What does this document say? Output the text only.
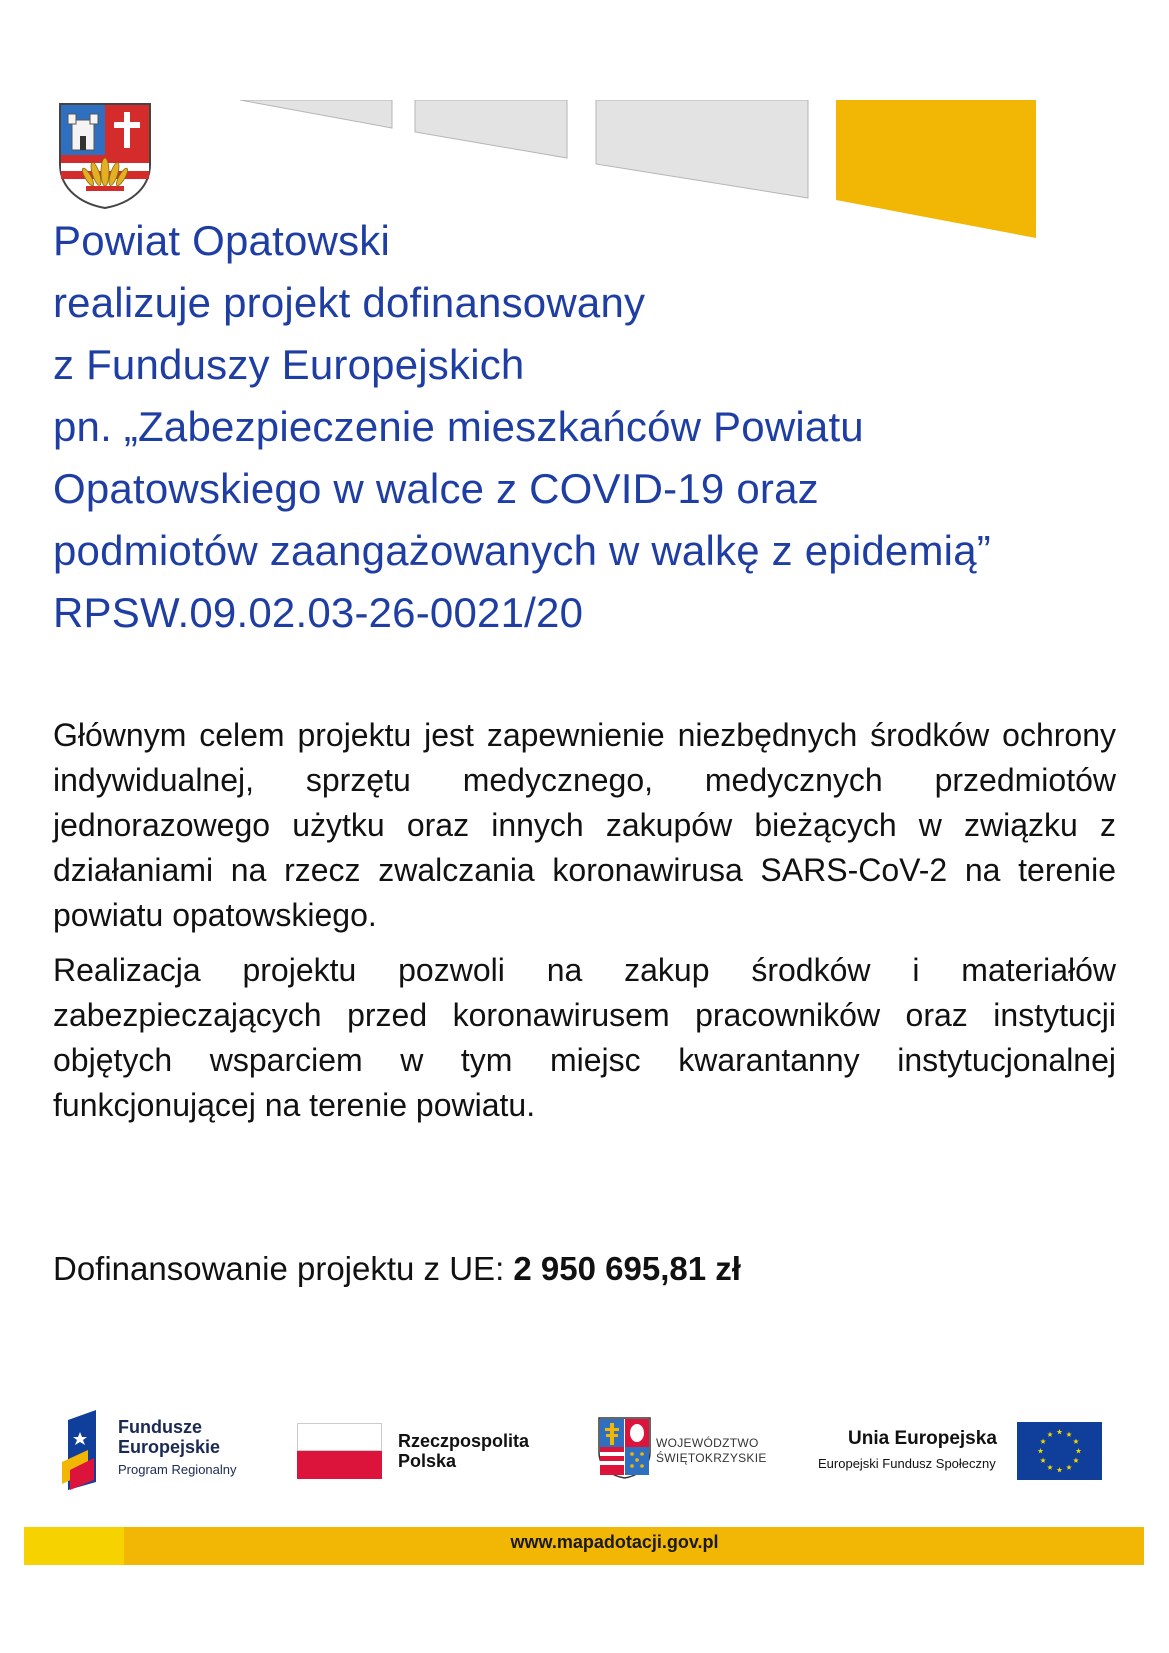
Powiat Opatowski
realizuje projekt dofinansowany
z Funduszy Europejskich
pn. „Zabezpieczenie mieszkańców Powiatu
Opatowskiego w walce z COVID-19 oraz
podmiotów zaangażowanych w walkę z epidemią”
RPSW.09.02.03-26-0021/20

Głównym celem projektu jest zapewnienie niezbędnych środków ochrony indywidualnej, sprzętu medycznego, medycznych przedmiotów jednorazowego użytku oraz innych zakupów bieżących w związku z działaniami na rzecz zwalczania koronawirusa SARS-CoV-2 na terenie powiatu opatowskiego.

Realizacja projektu pozwoli na zakup środków i materiałów zabezpieczających przed koronawirusem pracowników oraz instytucji objętych wsparciem w tym miejsc kwarantanny instytucjonalnej funkcjonującej na terenie powiatu.

Dofinansowanie projektu z UE: 2 950 695,81 zł
Fundusze
Europejskie
Program Regionalny
Rzeczpospolita
Polska
WOJEWÓDZTWO
ŚWIĘTOKRZYSKIE
Unia Europejska
Europejski Fundusz Społeczny
www.mapadotacji.gov.pl
